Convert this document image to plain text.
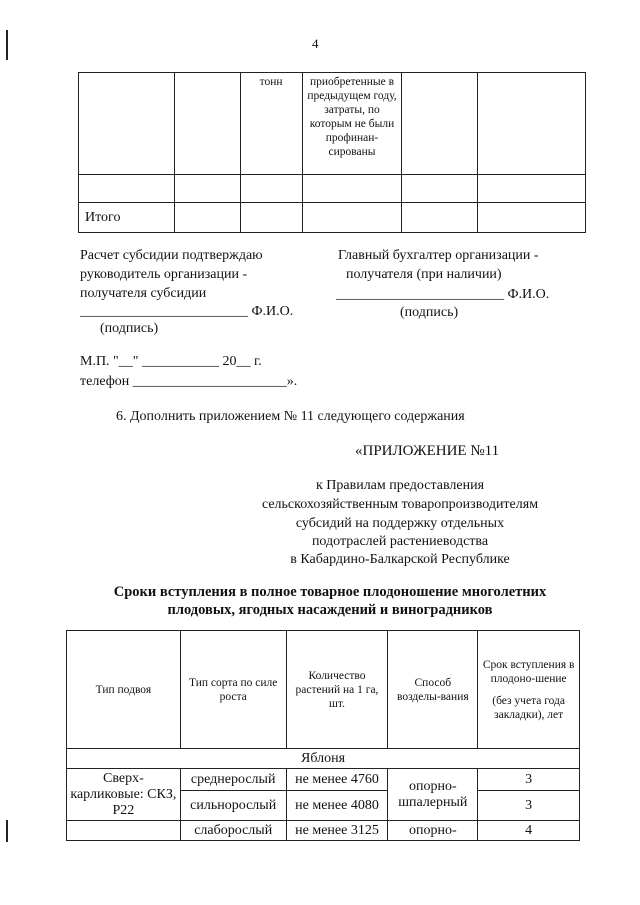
4
		тонн	приобретенные в предыдущем году, затраты, по которым не были профинан-сированы		

Итого					
Расчет субсидии подтверждаю
руководитель организации -
получателя субсидии
________________________ Ф.И.О.
(подпись)
Главный бухгалтер организации -
получателя (при наличии)
________________________ Ф.И.О.
(подпись)
М.П. "__" ___________ 20__ г.
телефон ______________________».
6. Дополнить приложением № 11 следующего содержания
«ПРИЛОЖЕНИЕ №11
к Правилам предоставления
сельскохозяйственным товаропроизводителям
субсидий на поддержку отдельных
подотраслей растениеводства
в Кабардино-Балкарской Республике
Сроки вступления в полное товарное плодоношение многолетних
плодовых, ягодных насаждений и виноградников
Тип подвоя	Тип сорта по силе роста	Количество растений на 1 га, шт.	Способ возделы-вания	Срок вступления в плодоно-шение
(без учета года закладки), лет

Яблоня				
Сверх-карликовые: СКЗ, Р22	среднерослый	не менее 4760	опорно-шпалерный	3
	сильнорослый	не менее 4080		3
	слаборослый	не менее 3125	опорно-	4
